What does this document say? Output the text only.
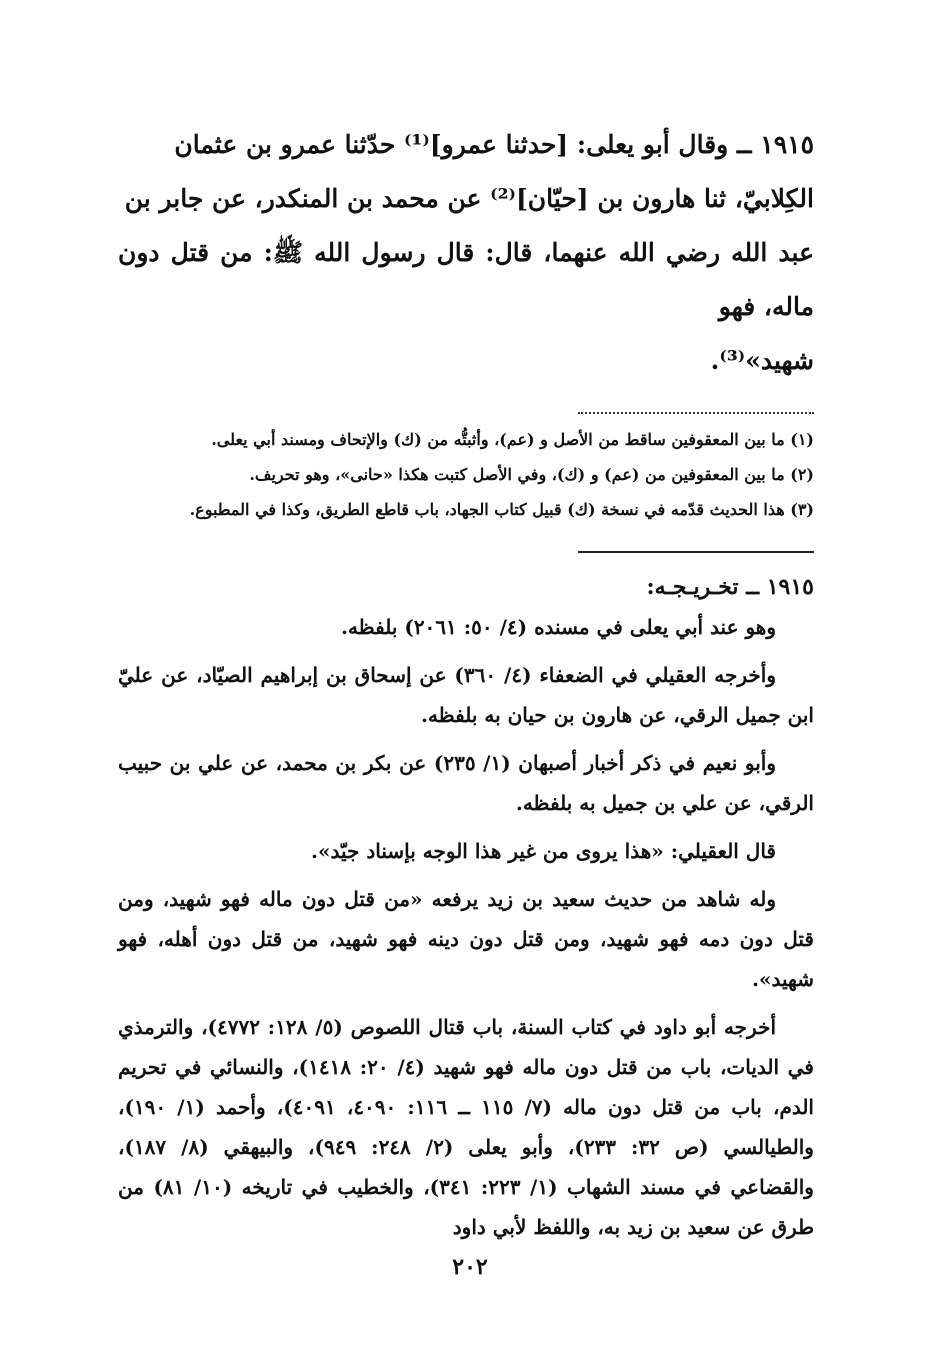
١٩١٥ ــ وقال أبو يعلى: [حدثنا عمرو]⁽¹⁾ حدّثنا عمرو بن عثمان

الكِلابيّ، ثنا هارون بن [حيّان]⁽²⁾ عن محمد بن المنكدر، عن جابر بن

عبد الله رضي الله عنهما، قال: قال رسول الله ﷺ: من قتل دون ماله، فهو

شهيد»⁽³⁾.

(١) ما بين المعقوفين ساقط من الأصل و (عم)، وأثبتُّه من (ك) والإتحاف ومسند أبي يعلى.

(٢) ما بين المعقوفين من (عم) و (ك)، وفي الأصل كتبت هكذا «حانى»، وهو تحريف.

(٣) هذا الحديث قدّمه في نسخة (ك) قبيل كتاب الجهاد، باب قاطع الطريق، وكذا في المطبوع.

١٩١٥ ــ تخـريـجـه:

وهو عند أبي يعلى في مسنده (٤/ ٥٠: ٢٠٦١) بلفظه.

وأخرجه العقيلي في الضعفاء (٤/ ٣٦٠) عن إسحاق بن إبراهيم الصيّاد، عن عليّ ابن جميل الرقي، عن هارون بن حيان به بلفظه.

وأبو نعيم في ذكر أخبار أصبهان (١/ ٢٣٥) عن بكر بن محمد، عن علي بن حبيب الرقي، عن علي بن جميل به بلفظه.

قال العقيلي: «هذا يروى من غير هذا الوجه بإسناد جيّد».

وله شاهد من حديث سعيد بن زيد يرفعه «من قتل دون ماله فهو شهيد، ومن قتل دون دمه فهو شهيد، ومن قتل دون دينه فهو شهيد، من قتل دون أهله، فهو شهيد».

أخرجه أبو داود في كتاب السنة، باب قتال اللصوص (٥/ ١٢٨: ٤٧٧٢)، والترمذي في الديات، باب من قتل دون ماله فهو شهيد (٤/ ٢٠: ١٤١٨)، والنسائي في تحريم الدم، باب من قتل دون ماله (٧/ ١١٥ ــ ١١٦: ٤٠٩٠، ٤٠٩١)، وأحمد (١/ ١٩٠)، والطيالسي (ص ٣٢: ٢٣٣)، وأبو يعلى (٢/ ٢٤٨: ٩٤٩)، والبيهقي (٨/ ١٨٧)، والقضاعي في مسند الشهاب (١/ ٢٢٣: ٣٤١)، والخطيب في تاريخه (١٠/ ٨١) من طرق عن سعيد بن زيد به، واللفظ لأبي داود

٢٠٢
